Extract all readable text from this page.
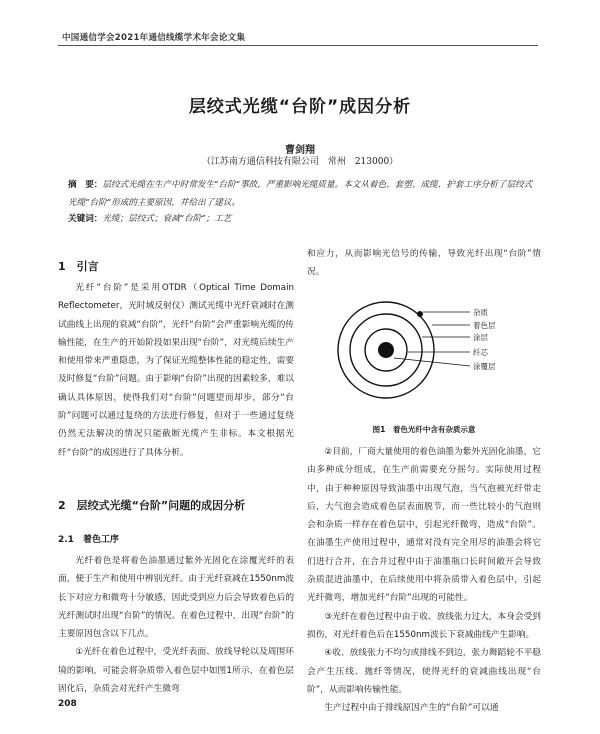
中国通信学会2021年通信线缆学术年会论文集
层绞式光缆“台阶”成因分析
曹剑翔
（江苏南方通信科技有限公司　常州　213000）
摘　要：层绞式光缆在生产中时常发生“台阶”事故，严重影响光缆质量。本文从着色、套塑、成缆、护套工序分析了层绞式光缆“台阶”形成的主要原因，并给出了建议。
关键词：光缆；层绞式；衰减“台阶”；工艺
1　引言

光纤“台阶”是采用OTDR（Optical Time Domain Reflectometer，光时域反射仪）测试光缆中光纤衰减时在测试曲线上出现的衰减“台阶”，光纤“台阶”会严重影响光缆的传输性能，在生产的开始阶段如果出现“台阶”，对光缆后续生产和使用带来严重隐患，为了保证光缆整体性能的稳定性，需要及时修复“台阶”问题。由于影响“台阶”出现的因素较多，难以确认具体原因，使得我们对“台阶”问题望而却步，部分“台阶”问题可以通过复绕的方法进行修复，但对于一些通过复绕仍然无法解决的情况只能截断光缆产生非标。本文根据光纤“台阶”的成因进行了具体分析。

2　层绞式光缆“台阶”问题的成因分析
2.1　着色工序

光纤着色是将着色油墨通过紫外光固化在涂覆光纤的表面，便于生产和使用中辨别光纤。由于光纤衰减在1550nm波长下对应力和微弯十分敏感，因此受到应力后会导致着色后的光纤测试时出现“台阶”的情况。在着色过程中，出现“台阶”的主要原因包含以下几点。

①光纤在着色过程中，受光纤表面、放线导轮以及周围环境的影响，可能会将杂质带入着色层中如图1所示，在着色层固化后，杂质会对光纤产生微弯

和应力，从而影响光信号的传输，导致光纤出现“台阶”情况。

杂质
着色层
涂层
纤芯
涂覆层
图1　着色光纤中含有杂质示意

②目前，厂商大量使用的着色油墨为紫外光固化油墨，它由多种成分组成，在生产前需要充分摇匀。实际使用过程中，由于种种原因导致油墨中出现气泡，当气泡被光纤带走后，大气泡会造成着色层表面脱节，而一些比较小的气泡则会和杂质一样存在着色层中，引起光纤微弯，造成“台阶”。在油墨生产使用过程中，通常对没有完全用尽的油墨会将它们进行合并，在合并过程中由于油墨瓶口长时间敞开会导致杂质混进油墨中，在后续使用中将杂质带入着色层中，引起光纤微弯，增加光纤“台阶”出现的可能性。

③光纤在着色过程中由于收、放线张力过大，本身会受到损伤，对光纤着色后在1550nm波长下衰减曲线产生影响。

④收、放线张力不均匀或排线不到边，张力舞蹈轮不平稳会产生压线、拋纤等情况，使得光纤的衰减曲线出现“台阶”，从而影响传输性能。

生产过程中由于排线原因产生的“台阶”可以通

208
